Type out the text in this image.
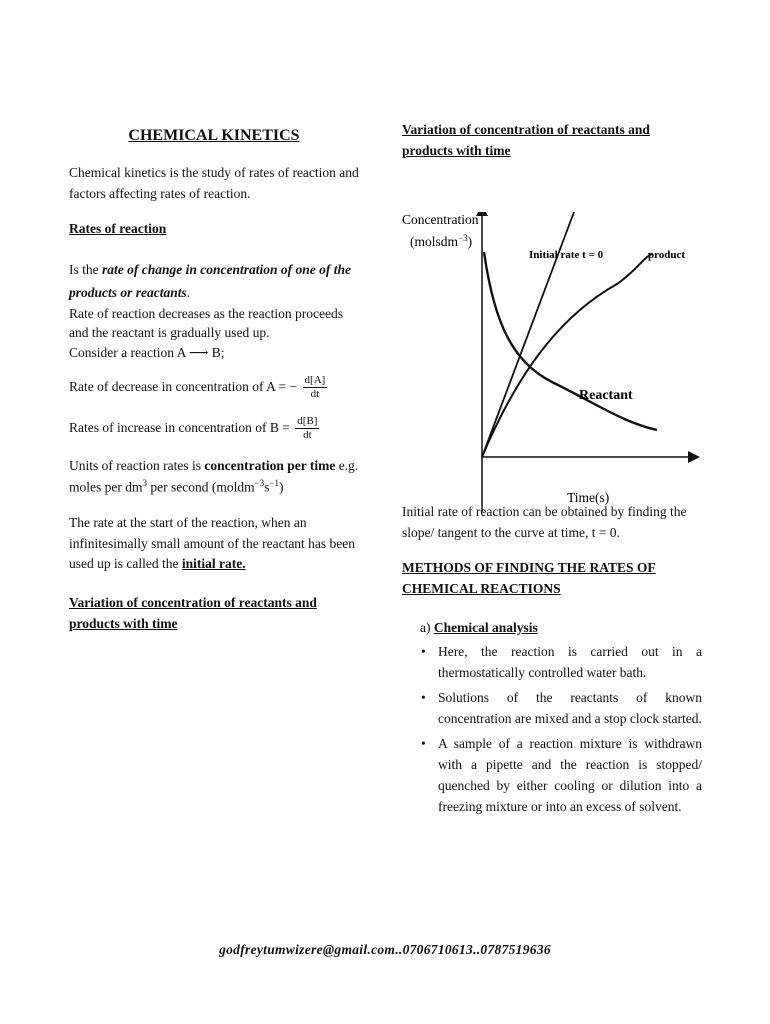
CHEMICAL KINETICS

Chemical kinetics is the study of rates of reaction and factors affecting rates of reaction.

Rates of reaction

Is the rate of change in concentration of one of the products or reactants.

Rate of reaction decreases as the reaction proceeds and the reactant is gradually used up.

Consider a reaction A ⟶ B;

Rate of decrease in concentration of A = − $\frac{d[A]}{dt}$
Rates of increase in concentration of $B = \frac{d[B]}{dt}$

Units of reaction rates is concentration per time e.g. moles per $dm^3$ per second $(moldm^{-3}s^{-1})$

The rate at the start of the reaction, when an infinitesimally small amount of the reactant has been used up is called the initial rate.

Variation of concentration of reactants and products with time

Variation of concentration of reactants and products with time

Concentration
(molsdm$^{-3}$)
Initial rate t = 0	product
Reactant
Time(s)

Initial rate of reaction can be obtained by finding the slope/ tangent to the curve at time, t = 0.

METHODS OF FINDING THE RATES OF CHEMICAL REACTIONS

a) Chemical analysis

• Here, the reaction is carried out in a thermostatically controlled water bath.
• Solutions of the reactants of known concentration are mixed and a stop clock started.
• A sample of a reaction mixture is withdrawn with a pipette and the reaction is stopped/ quenched by either cooling or dilution into a freezing mixture or into an excess of solvent.
godfreytumwizere@gmail.com..0706710613..0787519636
